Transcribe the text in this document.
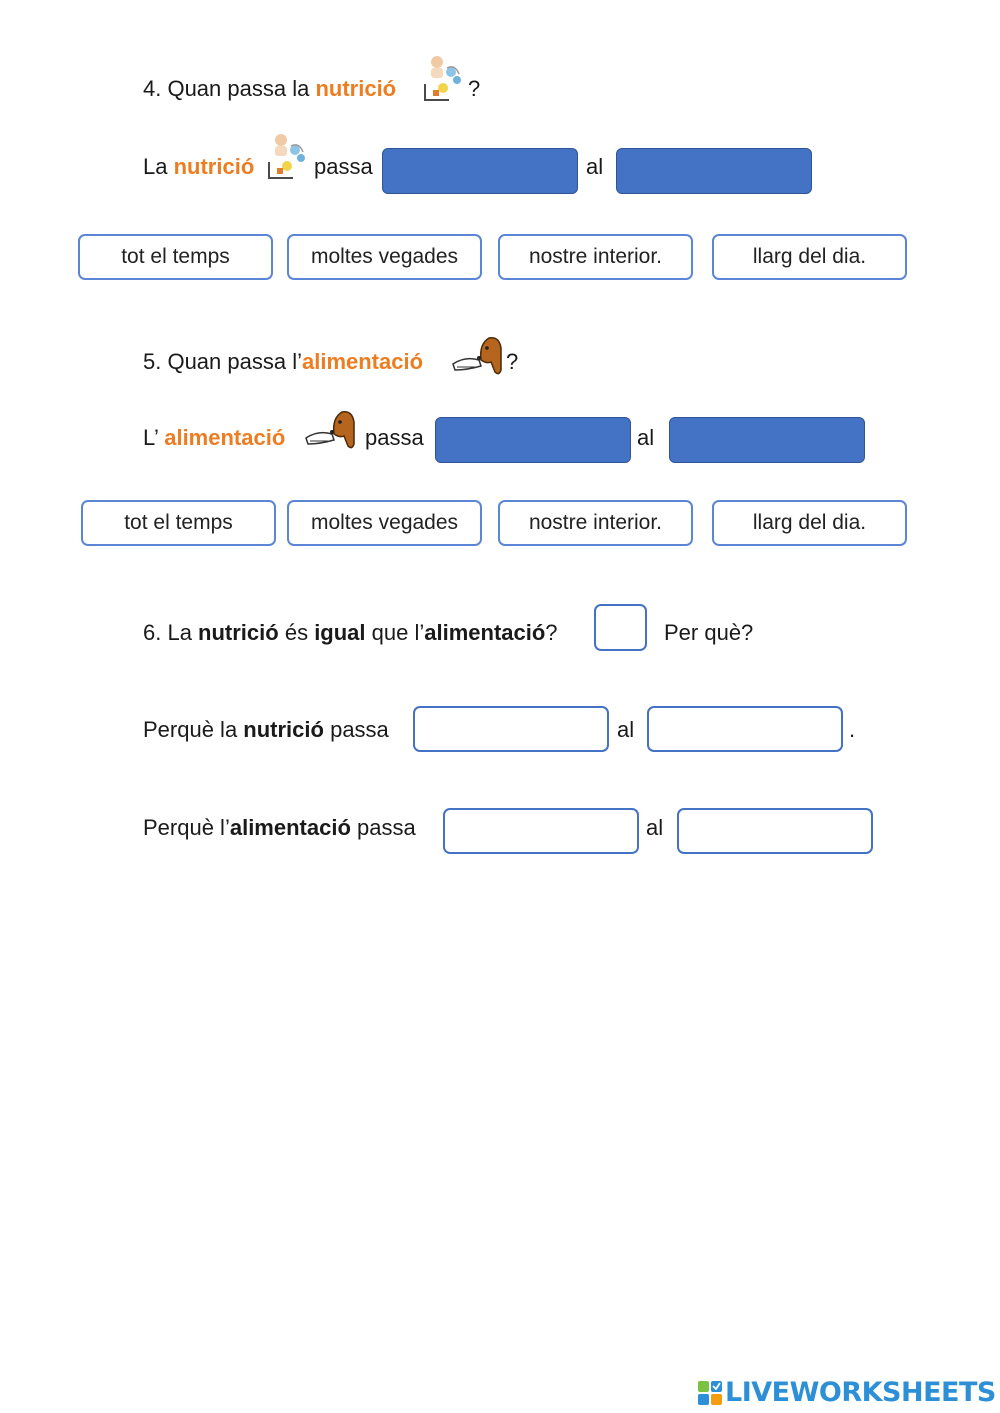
4. Quan passa la nutrició	?
La nutrició	passa	al
tot el temps	moltes vegades	nostre interior.	llarg del dia.
5. Quan passa l’alimentació	?
L’ alimentació	passa	al
tot el temps	moltes vegades	nostre interior.	llarg del dia.
6. La nutrició és igual que l’alimentació?	Per què?
Perquè la nutrició passa	al	.
Perquè l’alimentació passa	al
LIVEWORKSHEETS
